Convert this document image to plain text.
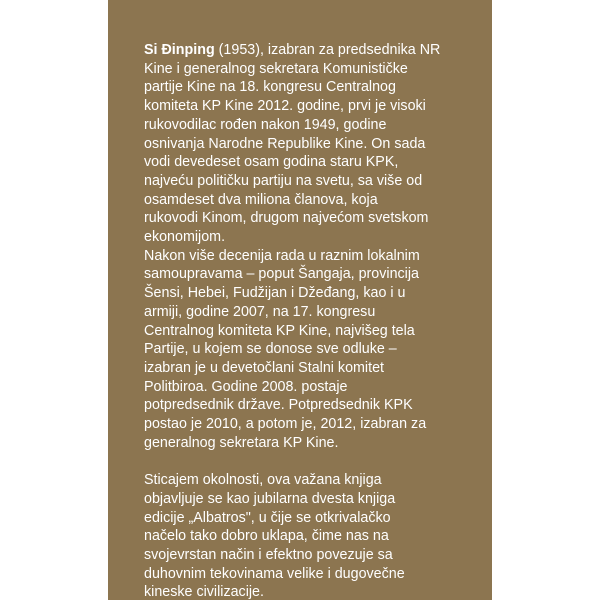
Si Đinping (1953), izabran za predsednika NR
Kine i generalnog sekretara Komunističke
partije Kine na 18. kongresu Centralnog
komiteta KP Kine 2012. godine, prvi je visoki
rukovodilac rođen nakon 1949, godine
osnivanja Narodne Republike Kine. On sada
vodi devedeset osam godina staru KPK,
najveću političku partiju na svetu, sa više od
osamdeset dva miliona članova, koja
rukovodi Kinom, drugom najvećom svetskom
ekonomijom.
Nakon više decenija rada u raznim lokalnim
samoupravama – poput Šangaja, provincija
Šensi, Hebei, Fudžijan i Džeđang, kao i u
armiji, godine 2007, na 17. kongresu
Centralnog komiteta KP Kine, najvišeg tela
Partije, u kojem se donose sve odluke –
izabran je u devetočlani Stalni komitet
Politbiroa. Godine 2008. postaje
potpredsednik države. Potpredsednik KPK
postao je 2010, a potom je, 2012, izabran za
generalnog sekretara KP Kine.

Sticajem okolnosti, ova važana knjiga
objavljuje se kao jubilarna dvesta knjiga
edicije „Albatros", u čije se otkrivalačko
načelo tako dobro uklapa, čime nas na
svojevrstan način i efektno povezuje sa
duhovnim tekovinama velike i dugovečne
kineske civilizacije.
